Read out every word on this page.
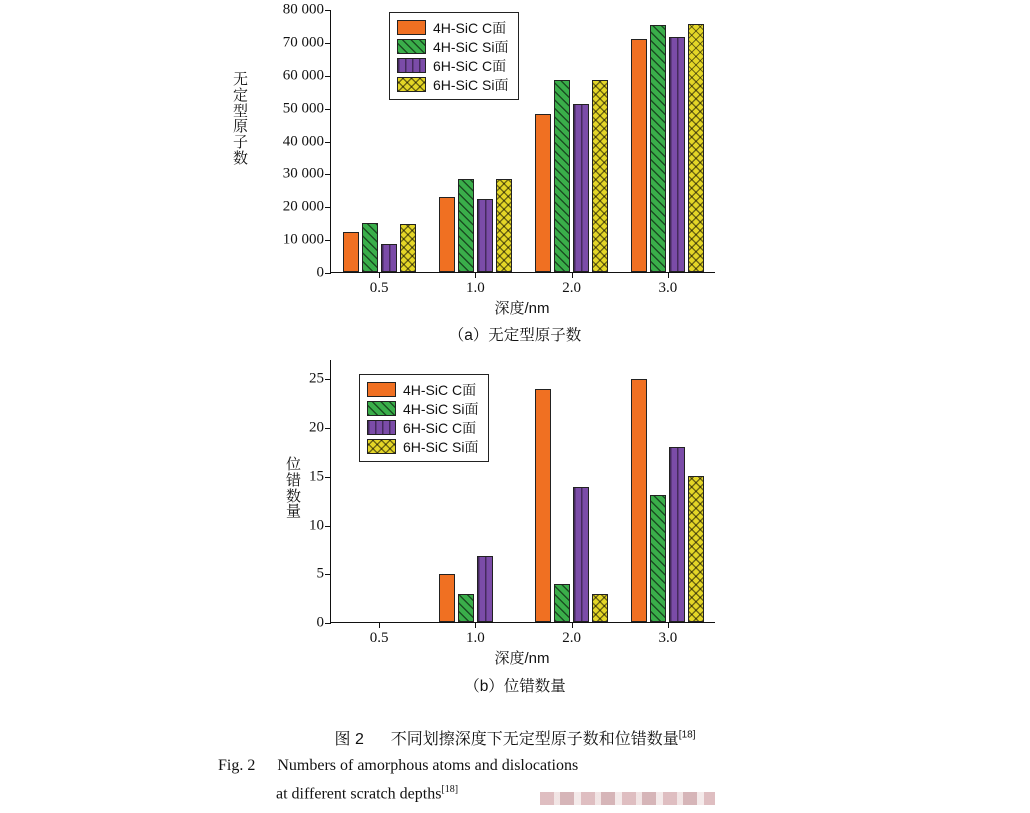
无
定
型
原
子
数
0
10 000
20 000
30 000
40 000
50 000
60 000
70 000
80 000
0.5	1.0	2.0	3.0
4H-SiC C面
4H-SiC Si面
6H-SiC C面
6H-SiC Si面
深度/nm
（a）无定型原子数
位
错
数
量
0
5
10
15
20
25
0.5	1.0	2.0	3.0
4H-SiC C面
4H-SiC Si面
6H-SiC C面
6H-SiC Si面
深度/nm
（b）位错数量
图 2 不同划擦深度下无定型原子数和位错数量[18]
Fig. 2 Numbers of amorphous atoms and dislocations
at different scratch depths[18]
